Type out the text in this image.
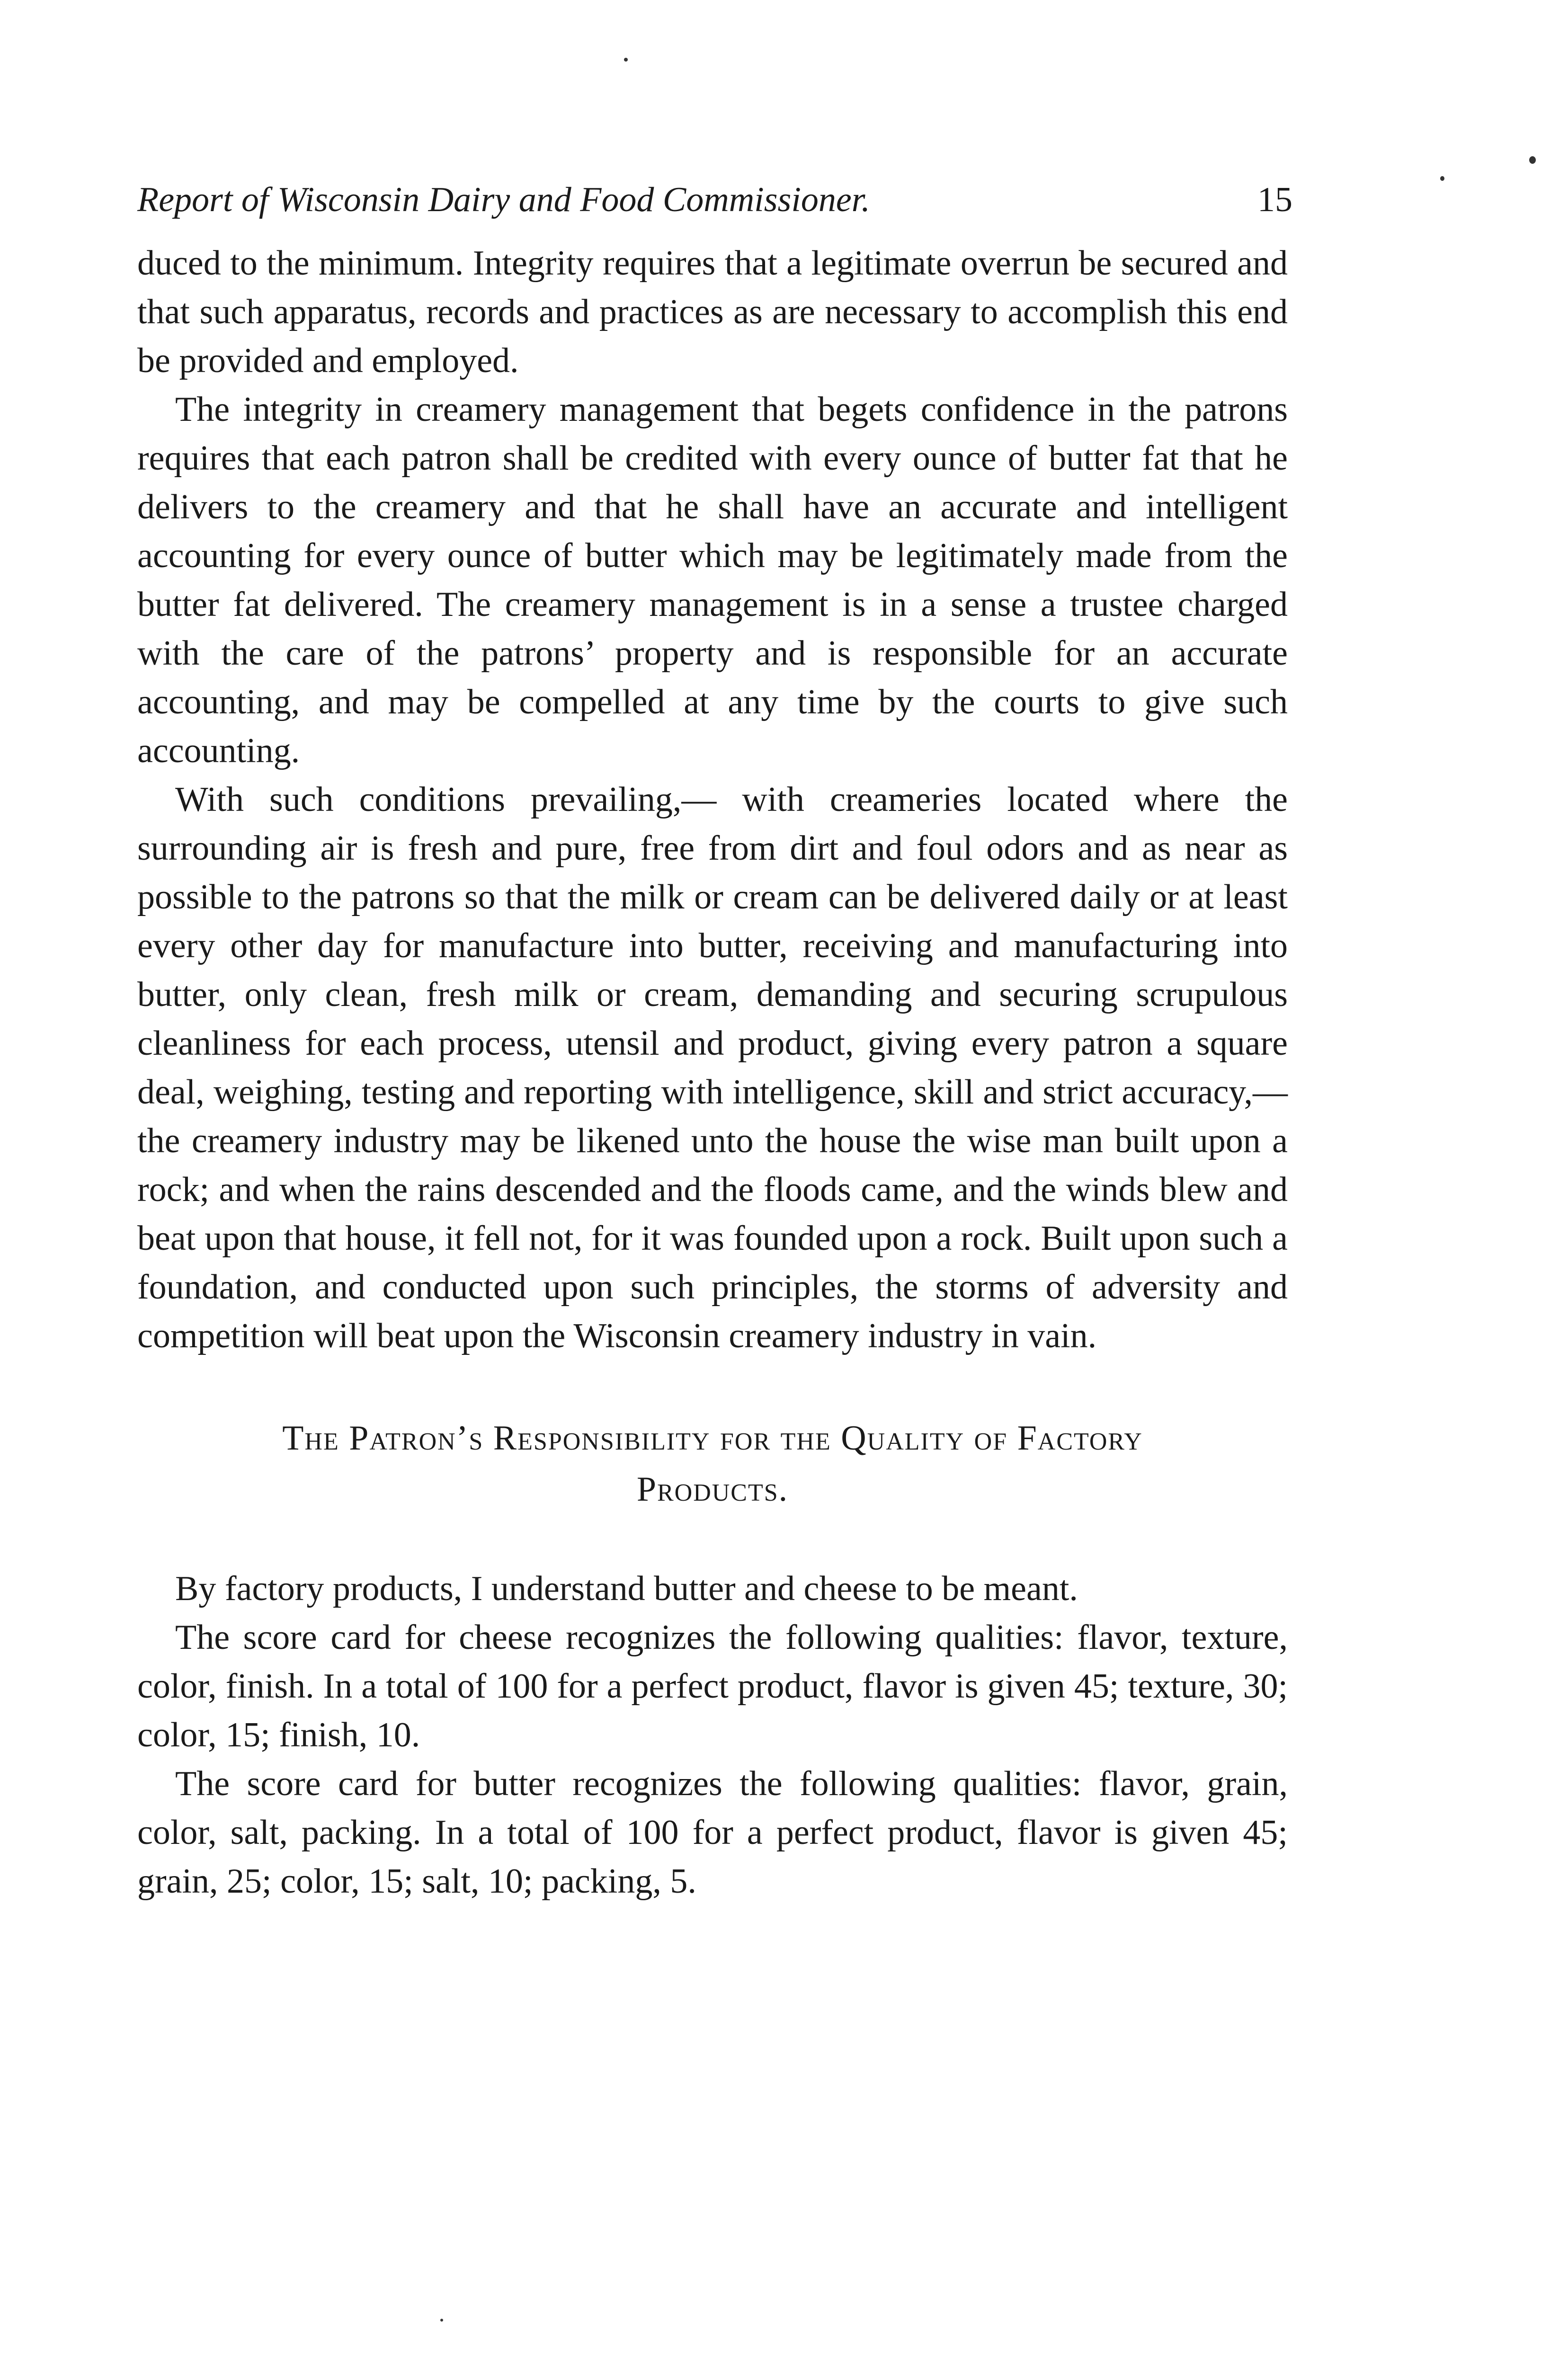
Report of Wisconsin Dairy and Food Commissioner.	15

duced to the minimum. Integrity requires that a legitimate overrun be secured and that such apparatus, records and practices as are necessary to accomplish this end be provided and employed.

The integrity in creamery management that begets confidence in the patrons requires that each patron shall be credited with every ounce of butter fat that he delivers to the creamery and that he shall have an accurate and intelligent accounting for every ounce of butter which may be legitimately made from the butter fat delivered. The creamery management is in a sense a trustee charged with the care of the patrons’ property and is responsible for an accurate accounting, and may be compelled at any time by the courts to give such accounting.

With such conditions prevailing,— with creameries located where the surrounding air is fresh and pure, free from dirt and foul odors and as near as possible to the patrons so that the milk or cream can be delivered daily or at least every other day for manufacture into butter, receiving and manufacturing into butter, only clean, fresh milk or cream, demanding and securing scrupulous cleanliness for each process, utensil and product, giving every patron a square deal, weighing, testing and reporting with intelligence, skill and strict accuracy,—the creamery industry may be likened unto the house the wise man built upon a rock; and when the rains descended and the floods came, and the winds blew and beat upon that house, it fell not, for it was founded upon a rock. Built upon such a foundation, and conducted upon such principles, the storms of adversity and competition will beat upon the Wisconsin creamery industry in vain.

The Patron’s Responsibility for the Quality of Factory
Products.

By factory products, I understand butter and cheese to be meant.

The score card for cheese recognizes the following qualities: flavor, texture, color, finish. In a total of 100 for a perfect product, flavor is given 45; texture, 30; color, 15; finish, 10.

The score card for butter recognizes the following qualities: flavor, grain, color, salt, packing. In a total of 100 for a perfect product, flavor is given 45; grain, 25; color, 15; salt, 10; packing, 5.
